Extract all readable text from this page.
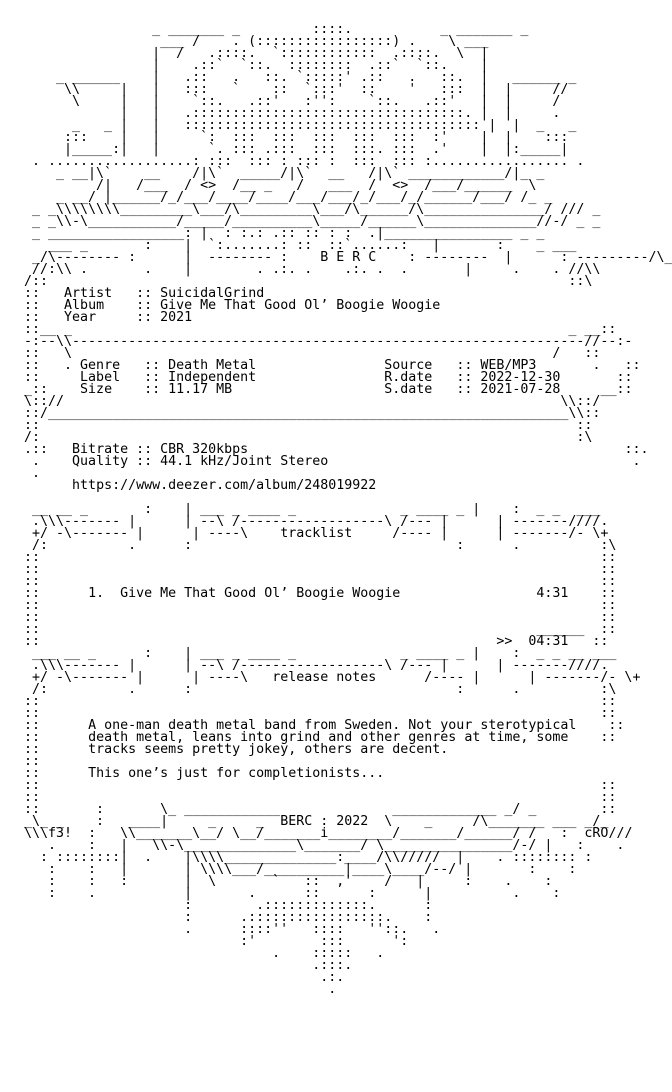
_ _______ _         ::::.           _ _______ _
___ /    . (:::::::::::::::::) .    \ ___
|  /   .::::.  `::::::::::::  .::::.  \  |
|    .::`  `::.  ::::::::  .::`  `::.    |
_ ______    |   .::   .   ::. `:::::' .::   .   ::.  |   ______ _
\\     |   |   :::   `    ::  `:::'  ::    '   :::  |  |     //
\     |   |    `::.   .::'   :'':    `::.   .::'   |  |     /
|   |   .::::::::::::::::::::::::::::::::::. |  |     .
_   _ |   |   ::::::::::::::::::::::::::::::::::::: |  |  _   _
:::    |   |     `:  :::  :::  :::  :::  :::  :'    |  |    :::
|_____:|   |      `. ::: .:::  :::  :::. :::  .'    |  |:_____|
. ..................: :::  ::: : ::: :  :::  ::: :................. .
_ __|\`    __    /|\`  _____/|\`  __   /|\` ____________/|_ _
/|   /___  / <>  /__ _   /   ___  /  <>  /___/______  \
_ __/ |______/_/___/____/____/___/___/_/___/_/______/___/ /_ _
_ _\\\\\\\\_________\___/\_________\___/\______/\_______________/ /// _
_ _\\-\___________/_____/__________\_____/______\______________//-/ _ _
_ _________________: |  : :.: .:: :: : :  .|________________ _ _
___ _       :    |  `:.......: ::  ::`......:   |       :    _ ___
_/\-------- :      |  -------- :    B E R C    : --------  |      : ---------/\_
//:\\ .       .    |        . .:. .    .:. .  .       |     .    . //\\
/::                                                                 ::\
::   Artist   :: SuicidalGrind
::   Album    :: Give Me That Good Ol’ Boogie Woogie
::   Year     :: 2021
::__ _                                                              _ __::
-:--\\----------------------------------------------------------------//--:-
::   \                                                            /   ::
::   . Genre   :: Death Metal	Source   :: WEB/MP3	.   ::
::	Label   :: Independent	R.date   :: 2022-12-30	::
_::    Size    :: 11.17 MB	S.date   :: 2021-07-28	__::
\:://                                                              \\::/
::/_________________________________________________________________\\::
::                                                                   ::
/:                                                                   :\
.::   Bitrate :: CBR 320kbps	::.
.    Quality :: 44.1 kHz/Joint Stereo	.
.
https://www.deezer.com/album/248019922

__ __ _       :    | ___ _ ____ _             _ ____ _ |    :  _ _  ___
.\\\------- |      | --\ /------------------\ /--- |      | -------////.
+/ -\------- |      | ----\    tracklist	/---- |      | -------/- \+
/:          .      :                                 :      .          :\
::                                                                      ::
::                                                                      ::
::                                                                      ::
::	1. Give Me That Good Ol’ Boogie Woogie	4:31    ::
::                                                                      ::
::                                                                      ::
::                                                              ______  ::
::	>> 04:31   ::
___ __ _      :    | ___ _ ____ _             _ ____ _ |    :  _ _ __ ___
.\\\------- |      | --\ /------------------\ /--- |      | -------////.
+/ -\------- |      | ----\   release notes	/---- |      | -------/- \+
/:          .      :                                 :      .          :\
::                                                                      ::
::                                                                      ::
::	A one-man death metal band from Sweden. Not your sterotypical    ::
::	death metal, leans into grind and other genres at time, some    ::
::	tracks seems pretty jokey, others are decent.
::
::	This one’s just for completionists...
::                                                                      ::
::                                                                      ::
::       :       \_ ____________              _____________ _/ _        ::
_\_ _    :   ____|     _     _  BERC : 2022  \    _     /\_______ ___ _/_
\\\f3!  :   \\_______\__/ \__/_______i________/_______/______/ /   :  cRO///
.    :   |   \\-\______________\_______/ \________________/-/ |   :    .
: ::::::::|  .    |\\\\______________:____/\\/////  |    . :::::::: :
:    :   |       | \\\\___/__________|____\____/--/ |       :    :
:    :   :       |  \       `   ::  ,'    /   |     :    .    :
:    .           |       .      ::      :      |          .    :
:        .:::::::::::::.      :
:      .:::::::::::::::::.    :
.      ::::''   ::::   ''::.   .
:'        :::      ':
.    :::::   .
.:::.
.:.
.
